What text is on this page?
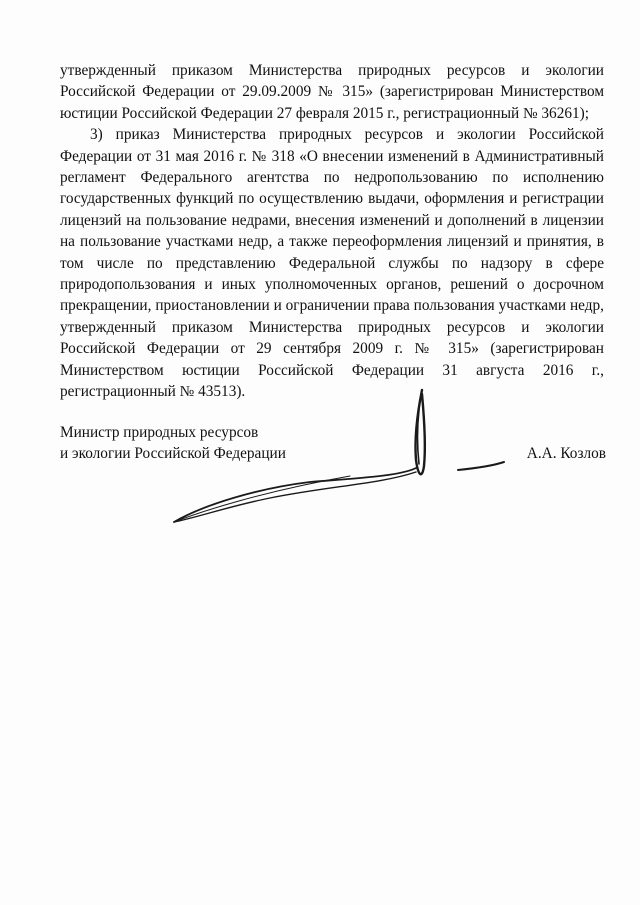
утвержденный приказом Министерства природных ресурсов и экологии Российской Федерации от 29.09.2009 № 315» (зарегистрирован Министерством юстиции Российской Федерации 27 февраля 2015 г., регистрационный № 36261);

3) приказ Министерства природных ресурсов и экологии Российской Федерации от 31 мая 2016 г. № 318 «О внесении изменений в Административный регламент Федерального агентства по недропользованию по исполнению государственных функций по осуществлению выдачи, оформления и регистрации лицензий на пользование недрами, внесения изменений и дополнений в лицензии на пользование участками недр, а также переоформления лицензий и принятия, в том числе по представлению Федеральной службы по надзору в сфере природопользования и иных уполномоченных органов, решений о досрочном прекращении, приостановлении и ограничении права пользования участками недр, утвержденный приказом Министерства природных ресурсов и экологии Российской Федерации от 29 сентября 2009 г. № 315» (зарегистрирован Министерством юстиции Российской Федерации 31 августа 2016 г., регистрационный № 43513).

Министр природных ресурсов
и экологии Российской Федерации	А.А. Козлов
